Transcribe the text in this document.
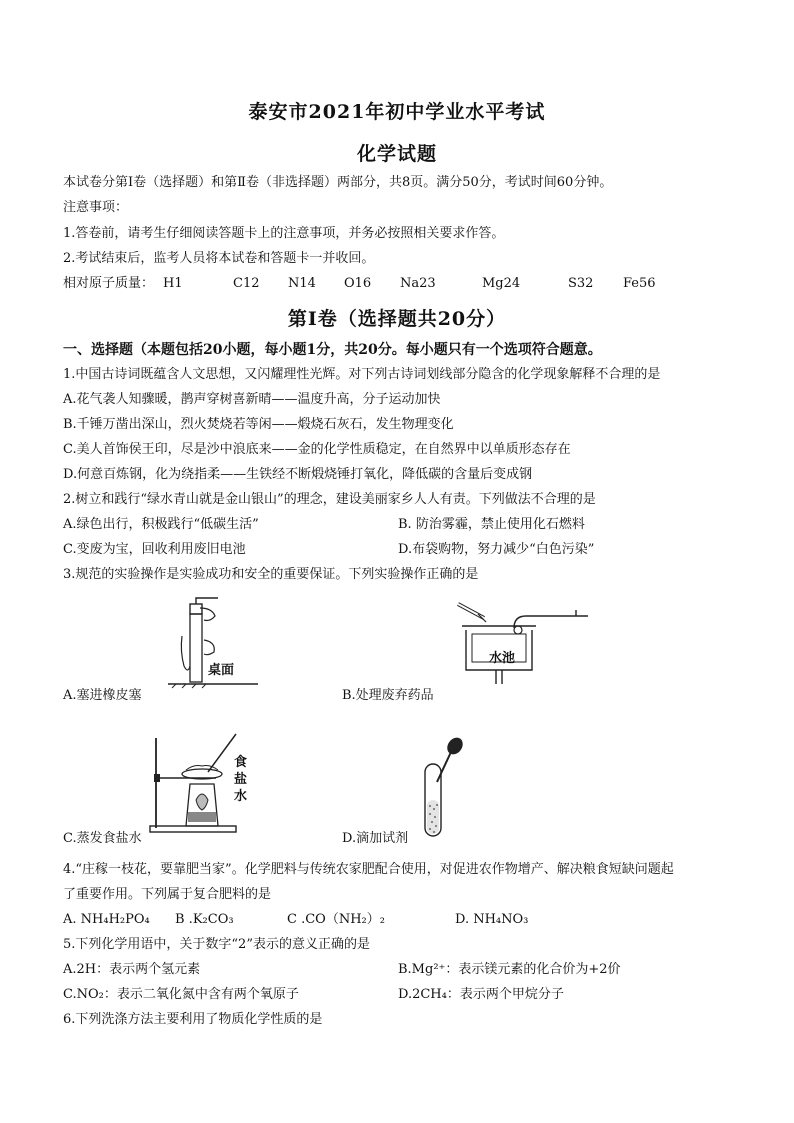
泰安市2021年初中学业水平考试
化学试题
本试卷分第Ⅰ卷（选择题）和第Ⅱ卷（非选择题）两部分，共8页。满分50分，考试时间60分钟。
注意事项：
1.答卷前，请考生仔细阅读答题卡上的注意事项，并务必按照相关要求作答。
2.考试结束后，监考人员将本试卷和答题卡一并收回。
相对原子质量： H1	C12 N14 O16 Na23	Mg24	S32 Fe56
第Ⅰ卷（选择题共20分）
一、选择题（本题包括20小题，每小题1分，共20分。每小题只有一个选项符合题意。
1.中国古诗词既蕴含人文思想，又闪耀理性光辉。对下列古诗词划线部分隐含的化学现象解释不合理的是
A.花气袭人知骤暖，鹊声穿树喜新晴——温度升高，分子运动加快
B.千锤万凿出深山，烈火焚烧若等闲——煅烧石灰石，发生物理变化
C.美人首饰侯王印，尽是沙中浪底来——金的化学性质稳定，在自然界中以单质形态存在
D.何意百炼钢，化为绕指柔——生铁经不断煅烧锤打氧化，降低碳的含量后变成钢
2.树立和践行“绿水青山就是金山银山”的理念，建设美丽家乡人人有责。下列做法不合理的是
A.绿色出行，积极践行“低碳生活”	B. 防治雾霾，禁止使用化石燃料
C.变废为宝，回收利用废旧电池	D.布袋购物，努力减少“白色污染”
3.规范的实验操作是实验成功和安全的重要保证。下列实验操作正确的是
桌面
A.塞进橡皮塞
水池
B.处理废弃药品
食盐水
C.蒸发食盐水	D.滴加试剂
4.“庄稼一枝花，要靠肥当家”。化学肥料与传统农家肥配合使用，对促进农作物增产、解决粮食短缺问题起
了重要作用。下列属于复合肥料的是
A. NH₄H₂PO₄ B .K₂CO₃	C .CO（NH₂）₂	D. NH₄NO₃
5.下列化学用语中，关于数字“2”表示的意义正确的是
A.2H：表示两个氢元素	B.Mg²⁺：表示镁元素的化合价为+2价
C.NO₂：表示二氧化氮中含有两个氧原子	D.2CH₄：表示两个甲烷分子
6.下列洗涤方法主要利用了物质化学性质的是
